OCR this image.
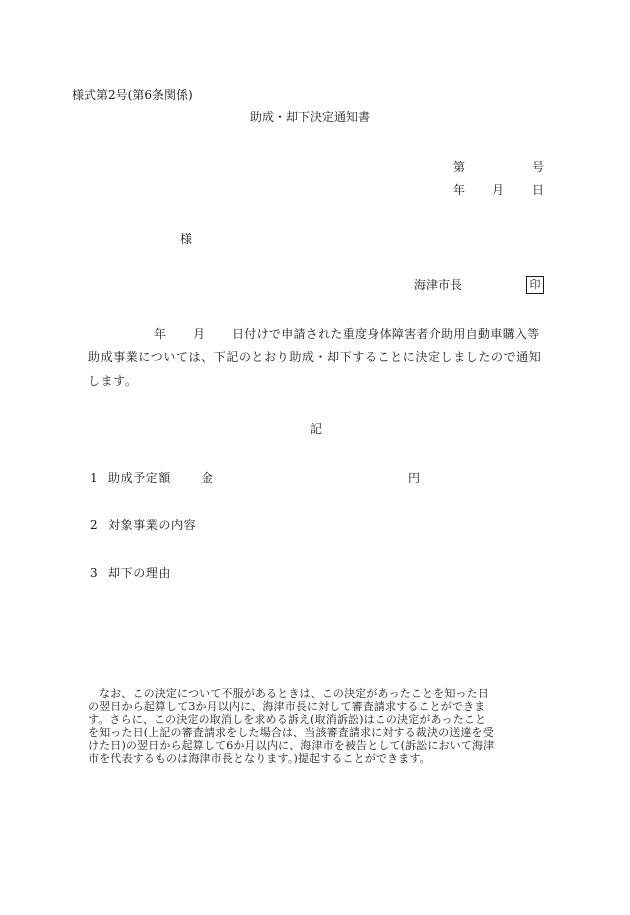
様式第2号(第6条関係)
助成・却下決定通知書
第	号
年 月 日
様
海津市長	印
年 月 日付けで申請された重度身体障害者介助用自動車購入等
助成事業については、下記のとおり助成・却下することに決定しましたので通知
します。
記
1 助成予定額 金	円
2 対象事業の内容
3 却下の理由
なお、この決定について不服があるときは、この決定があったことを知った日
の翌日から起算して3か月以内に、海津市長に対して審査請求することができま
す。さらに、この決定の取消しを求める訴え(取消訴訟)はこの決定があったこと
を知った日(上記の審査請求をした場合は、当該審査請求に対する裁決の送達を受
けた日)の翌日から起算して6か月以内に、海津市を被告として(訴訟において海津
市を代表するものは海津市長となります。)提起することができます。
